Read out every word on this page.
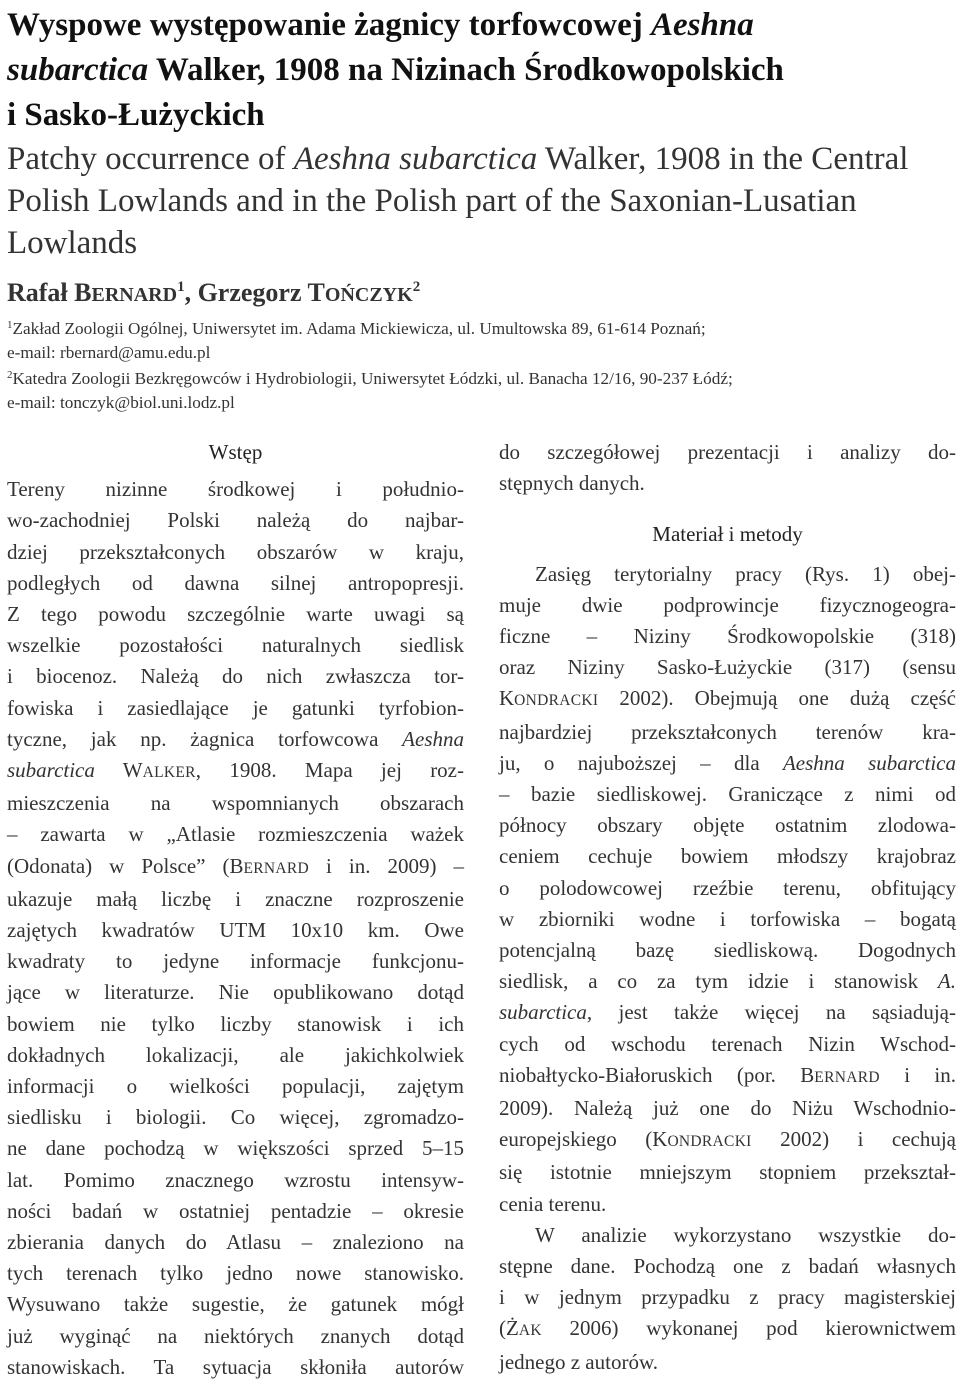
Wyspowe występowanie żagnicy torfowcowej Aeshna
subarctica Walker, 1908 na Nizinach Środkowopolskich
i Sasko-Łużyckich
Patchy occurrence of Aeshna subarctica Walker, 1908 in the Central
Polish Lowlands and in the Polish part of the Saxonian-Lusatian
Lowlands
Rafał BERNARD$^1$, Grzegorz TOŃCZYK$^2$
$^1$Zakład Zoologii Ogólnej, Uniwersytet im. Adama Mickiewicza, ul. Umultowska 89, 61-614 Poznań;
e-mail: rbernard@amu.edu.pl
$^2$Katedra Zoologii Bezkręgowców i Hydrobiologii, Uniwersytet Łódzki, ul. Banacha 12/16, 90-237 Łódź;
e-mail: tonczyk@biol.uni.lodz.pl
Wstęp
Tereny nizinne środkowej i południo-
wo-zachodniej Polski należą do najbar-
dziej przekształconych obszarów w kraju,
podległych od dawna silnej antropopresji.
Z tego powodu szczególnie warte uwagi są
wszelkie pozostałości naturalnych siedlisk
i biocenoz. Należą do nich zwłaszcza tor-
fowiska i zasiedlające je gatunki tyrfobion-
tyczne, jak np. żagnica torfowcowa Aeshna
subarctica WALKER, 1908. Mapa jej roz-
mieszczenia na wspomnianych obszarach
– zawarta w „Atlasie rozmieszczenia ważek
(Odonata) w Polsce” (BERNARD i in. 2009) –
ukazuje małą liczbę i znaczne rozproszenie
zajętych kwadratów UTM 10x10 km. Owe
kwadraty to jedyne informacje funkcjonu-
jące w literaturze. Nie opublikowano dotąd
bowiem nie tylko liczby stanowisk i ich
dokładnych lokalizacji, ale jakichkolwiek
informacji o wielkości populacji, zajętym
siedlisku i biologii. Co więcej, zgromadzo-
ne dane pochodzą w większości sprzed 5–15
lat. Pomimo znacznego wzrostu intensyw-
ności badań w ostatniej pentadzie – okresie
zbierania danych do Atlasu – znaleziono na
tych terenach tylko jedno nowe stanowisko.
Wysuwano także sugestie, że gatunek mógł
już wyginąć na niektórych znanych dotąd
stanowiskach. Ta sytuacja skłoniła autorów
do szczegółowej prezentacji i analizy do-
stępnych danych.
Materiał i metody
Zasięg terytorialny pracy (Rys. 1) obej-
muje dwie podprowincje fizycznogeogra-
ficzne – Niziny Środkowopolskie (318)
oraz Niziny Sasko-Łużyckie (317) (sensu
KONDRACKI 2002). Obejmują one dużą część
najbardziej przekształconych terenów kra-
ju, o najuboższej – dla Aeshna subarctica
– bazie siedliskowej. Graniczące z nimi od
północy obszary objęte ostatnim zlodowa-
ceniem cechuje bowiem młodszy krajobraz
o polodowcowej rzeźbie terenu, obfitujący
w zbiorniki wodne i torfowiska – bogatą
potencjalną bazę siedliskową. Dogodnych
siedlisk, a co za tym idzie i stanowisk A.
subarctica, jest także więcej na sąsiadują-
cych od wschodu terenach Nizin Wschod-
niobałtycko-Białoruskich (por. BERNARD i in.
2009). Należą już one do Niżu Wschodnio-
europejskiego (KONDRACKI 2002) i cechują
się istotnie mniejszym stopniem przekształ-
cenia terenu.
W analizie wykorzystano wszystkie do-
stępne dane. Pochodzą one z badań własnych
i w jednym przypadku z pracy magisterskiej
(ŻAK 2006) wykonanej pod kierownictwem
jednego z autorów.
